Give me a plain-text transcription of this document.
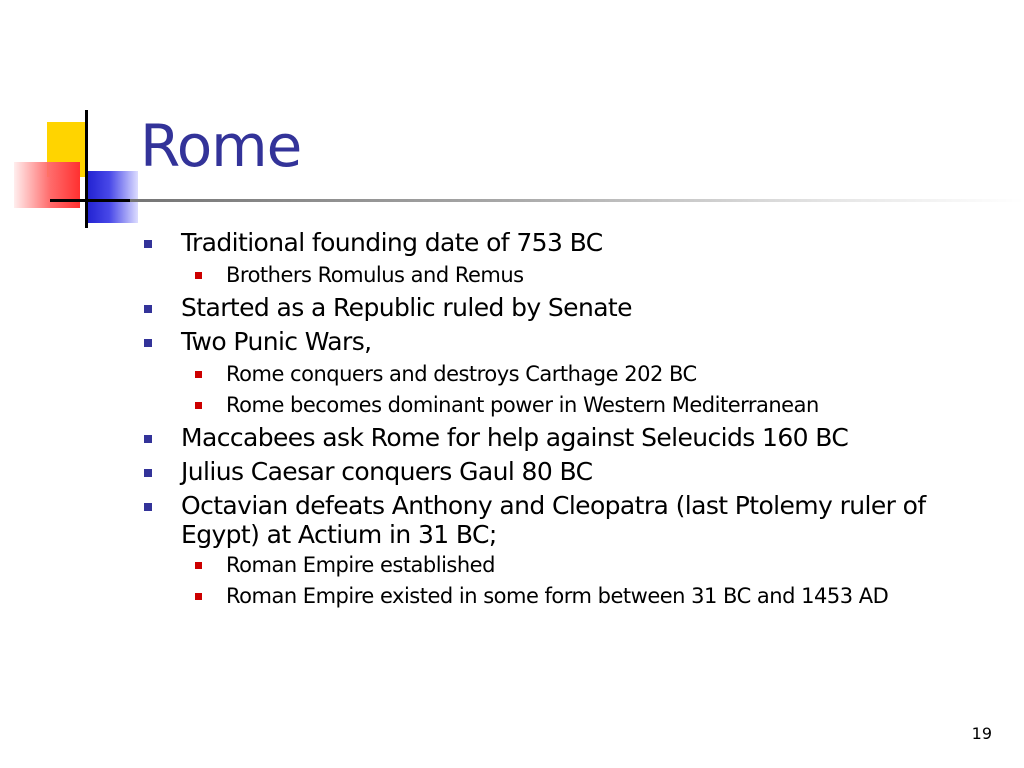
Rome
Traditional founding date of 753 BC
Brothers Romulus and Remus
Started as a Republic ruled by Senate
Two Punic Wars,
Rome conquers and destroys Carthage 202 BC
Rome becomes dominant power in Western Mediterranean
Maccabees ask Rome for help against Seleucids 160 BC
Julius Caesar conquers Gaul 80 BC
Octavian defeats Anthony and Cleopatra (last Ptolemy ruler of
Egypt) at Actium in 31 BC;
Roman Empire established
Roman Empire existed in some form between 31 BC and 1453 AD
19
